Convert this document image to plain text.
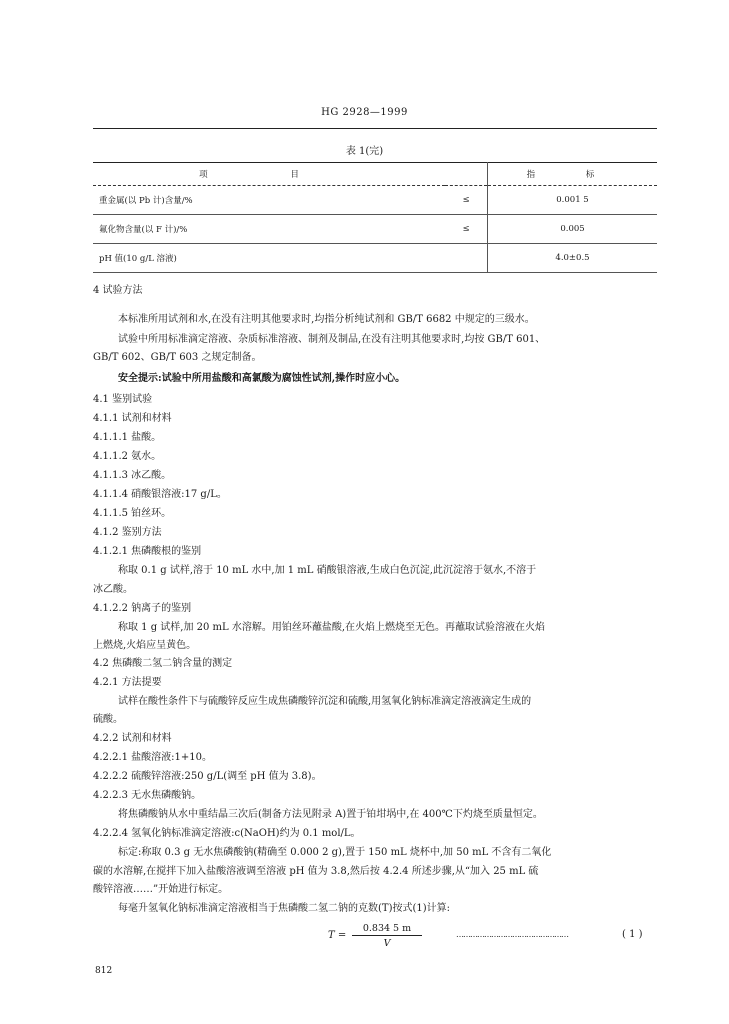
HG 2928—1999
表 1(完)
项 目		指 标
重金属(以 Pb 计)含量/%	≤	0.001 5
氟化物含量(以 F 计)/%	≤	0.005
pH 值(10 g/L 溶液)		4.0±0.5
4 试验方法
本标准所用试剂和水,在没有注明其他要求时,均指分析纯试剂和 GB/T 6682 中规定的三级水。
试验中所用标准滴定溶液、杂质标准溶液、制剂及制品,在没有注明其他要求时,均按 GB/T 601、
GB/T 602、GB/T 603 之规定制备。
安全提示:试验中所用盐酸和高氯酸为腐蚀性试剂,操作时应小心。
4.1 鉴别试验
4.1.1 试剂和材料
4.1.1.1 盐酸。
4.1.1.2 氨水。
4.1.1.3 冰乙酸。
4.1.1.4 硝酸银溶液:17 g/L。
4.1.1.5 铂丝环。
4.1.2 鉴别方法
4.1.2.1 焦磷酸根的鉴别
称取 0.1 g 试样,溶于 10 mL 水中,加 1 mL 硝酸银溶液,生成白色沉淀,此沉淀溶于氨水,不溶于
冰乙酸。
4.1.2.2 钠离子的鉴别
称取 1 g 试样,加 20 mL 水溶解。用铂丝环蘸盐酸,在火焰上燃烧至无色。再蘸取试验溶液在火焰
上燃烧,火焰应呈黄色。
4.2 焦磷酸二氢二钠含量的测定
4.2.1 方法提要
试样在酸性条件下与硫酸锌反应生成焦磷酸锌沉淀和硫酸,用氢氧化钠标准滴定溶液滴定生成的
硫酸。
4.2.2 试剂和材料
4.2.2.1 盐酸溶液:1+10。
4.2.2.2 硫酸锌溶液:250 g/L(调至 pH 值为 3.8)。
4.2.2.3 无水焦磷酸钠。
将焦磷酸钠从水中重结晶三次后(制备方法见附录 A)置于铂坩埚中,在 400℃下灼烧至质量恒定。
4.2.2.4 氢氧化钠标准滴定溶液:c(NaOH)约为 0.1 mol/L。
标定:称取 0.3 g 无水焦磷酸钠(精确至 0.000 2 g),置于 150 mL 烧杯中,加 50 mL 不含有二氧化
碳的水溶解,在搅拌下加入盐酸溶液调至溶液 pH 值为 3.8,然后按 4.2.4 所述步骤,从“加入 25 mL 硫
酸锌溶液……”开始进行标定。
每毫升氢氧化钠标准滴定溶液相当于焦磷酸二氢二钠的克数(T)按式(1)计算:
$T = \frac{0.834 5 m}{V}$	…………………………………………	( 1 )
812
